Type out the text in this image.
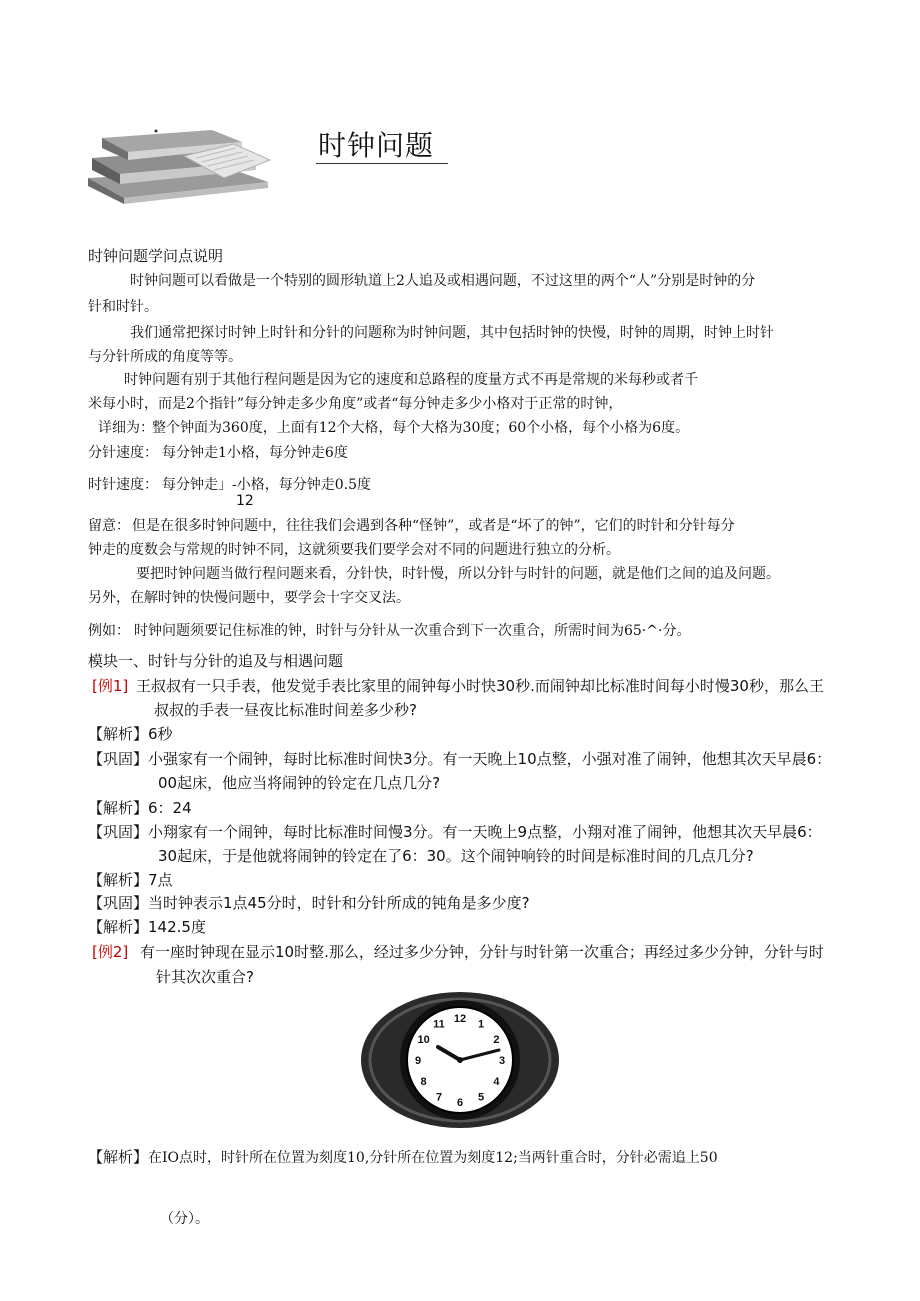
时钟问题
时钟问题学问点说明
时钟问题可以看做是一个特别的圆形轨道上2人追及或相遇问题，不过这里的两个“人”分别是时钟的分
针和时针。
我们通常把探讨时钟上时针和分针的问题称为时钟问题，其中包括时钟的快慢，时钟的周期，时钟上时针
与分针所成的角度等等。
时钟问题有别于其他行程问题是因为它的速度和总路程的度量方式不再是常规的米每秒或者千
米每小时，而是2个指针”每分钟走多少角度”或者“每分钟走多少小格对于正常的时钟，
详细为：
整个钟面为360度，上面有12个大格，每个大格为30度；60个小格，每个小格为6度。
分针速度： 每分钟走1小格，每分钟走6度
时针速度： 每分钟走」-小格，每分钟走0.5度
12
留意： 但是在很多时钟问题中，往往我们会遇到各种“怪钟”，或者是“坏了的钟”，它们的时针和分针每分
钟走的度数会与常规的时钟不同，这就须要我们要学会对不同的问题进行独立的分析。
要把时钟问题当做行程问题来看，分针快，时针慢，所以分针与时针的问题，就是他们之间的追及问题。
另外，在解时钟的快慢问题中，要学会十字交叉法。
例如： 时钟问题须要记住标准的钟，时针与分针从一次重合到下一次重合，所需时间为65·^·分。
模块一、时针与分针的追及与相遇问题
[例1] 王叔叔有一只手表，他发觉手表比家里的闹钟每小时快30秒.而闹钟却比标准时间每小时慢30秒，那么王
叔叔的手表一昼夜比标准时间差多少秒?
【解析】 6秒
【巩固】 小强家有一个闹钟，每时比标准时间快3分。有一天晚上10点整，小强对准了闹钟，他想其次天早晨6：
00起床，他应当将闹钟的铃定在几点几分?
【解析】 6：24
【巩固】 小翔家有一个闹钟，每时比标准时间慢3分。有一天晚上9点整，小翔对准了闹钟，他想其次天早晨6：
30起床，于是他就将闹钟的铃定在了6：30。这个闹钟响铃的时间是标准时间的几点几分?
【解析】 7点
【巩固】 当时钟表示1点45分时，时针和分针所成的钝角是多少度?
【解析】 142.5度
[例2] 有一座时钟现在显示10时整.那么，经过多少分钟，分针与时针第一次重合；再经过多少分钟，分针与时
针其次次重合?
12 1
2
3
4
5
6
7
8
9
10
11
【解析】 在IO点时，时针所在位置为刻度10,分针所在位置为刻度12;当两针重合时，分针必需追上50
（分）。
